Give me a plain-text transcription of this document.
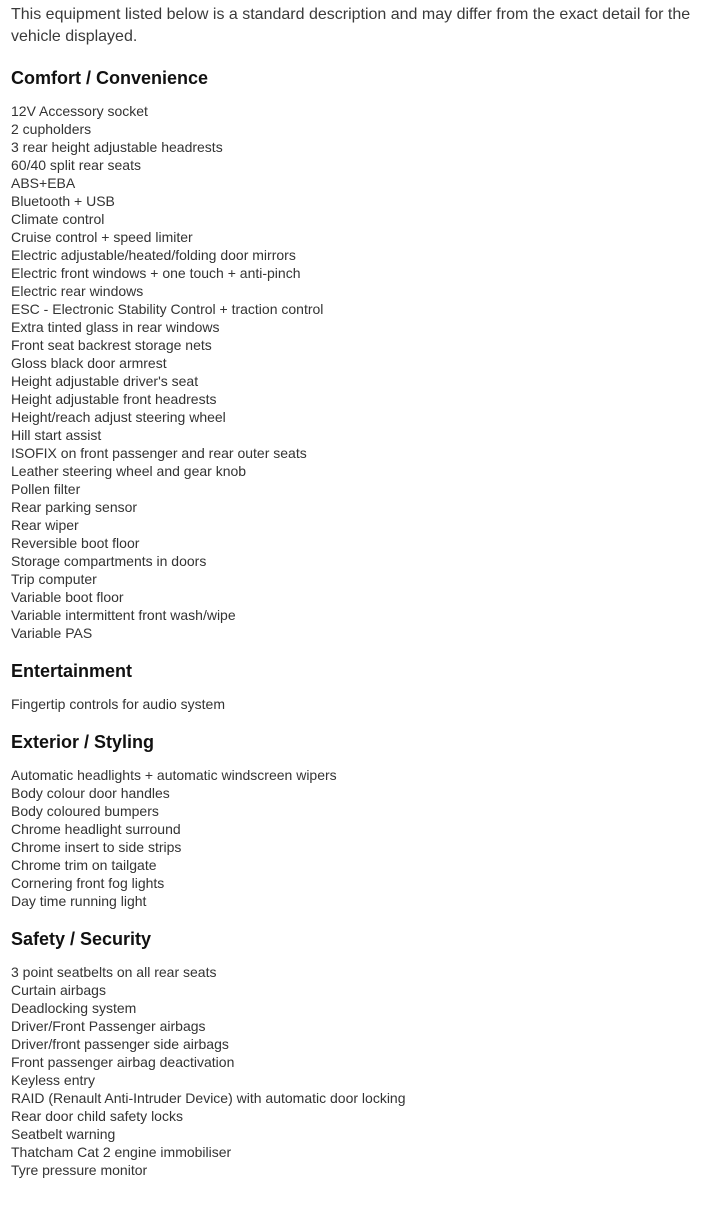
This equipment listed below is a standard description and may differ from the exact detail for the vehicle displayed.

Comfort / Convenience
12V Accessory socket
2 cupholders
3 rear height adjustable headrests
60/40 split rear seats
ABS+EBA
Bluetooth + USB
Climate control
Cruise control + speed limiter
Electric adjustable/heated/folding door mirrors
Electric front windows + one touch + anti-pinch
Electric rear windows
ESC - Electronic Stability Control + traction control
Extra tinted glass in rear windows
Front seat backrest storage nets
Gloss black door armrest
Height adjustable driver's seat
Height adjustable front headrests
Height/reach adjust steering wheel
Hill start assist
ISOFIX on front passenger and rear outer seats
Leather steering wheel and gear knob
Pollen filter
Rear parking sensor
Rear wiper
Reversible boot floor
Storage compartments in doors
Trip computer
Variable boot floor
Variable intermittent front wash/wipe
Variable PAS
Entertainment
Fingertip controls for audio system
Exterior / Styling
Automatic headlights + automatic windscreen wipers
Body colour door handles
Body coloured bumpers
Chrome headlight surround
Chrome insert to side strips
Chrome trim on tailgate
Cornering front fog lights
Day time running light
Safety / Security
3 point seatbelts on all rear seats
Curtain airbags
Deadlocking system
Driver/Front Passenger airbags
Driver/front passenger side airbags
Front passenger airbag deactivation
Keyless entry
RAID (Renault Anti-Intruder Device) with automatic door locking
Rear door child safety locks
Seatbelt warning
Thatcham Cat 2 engine immobiliser
Tyre pressure monitor
